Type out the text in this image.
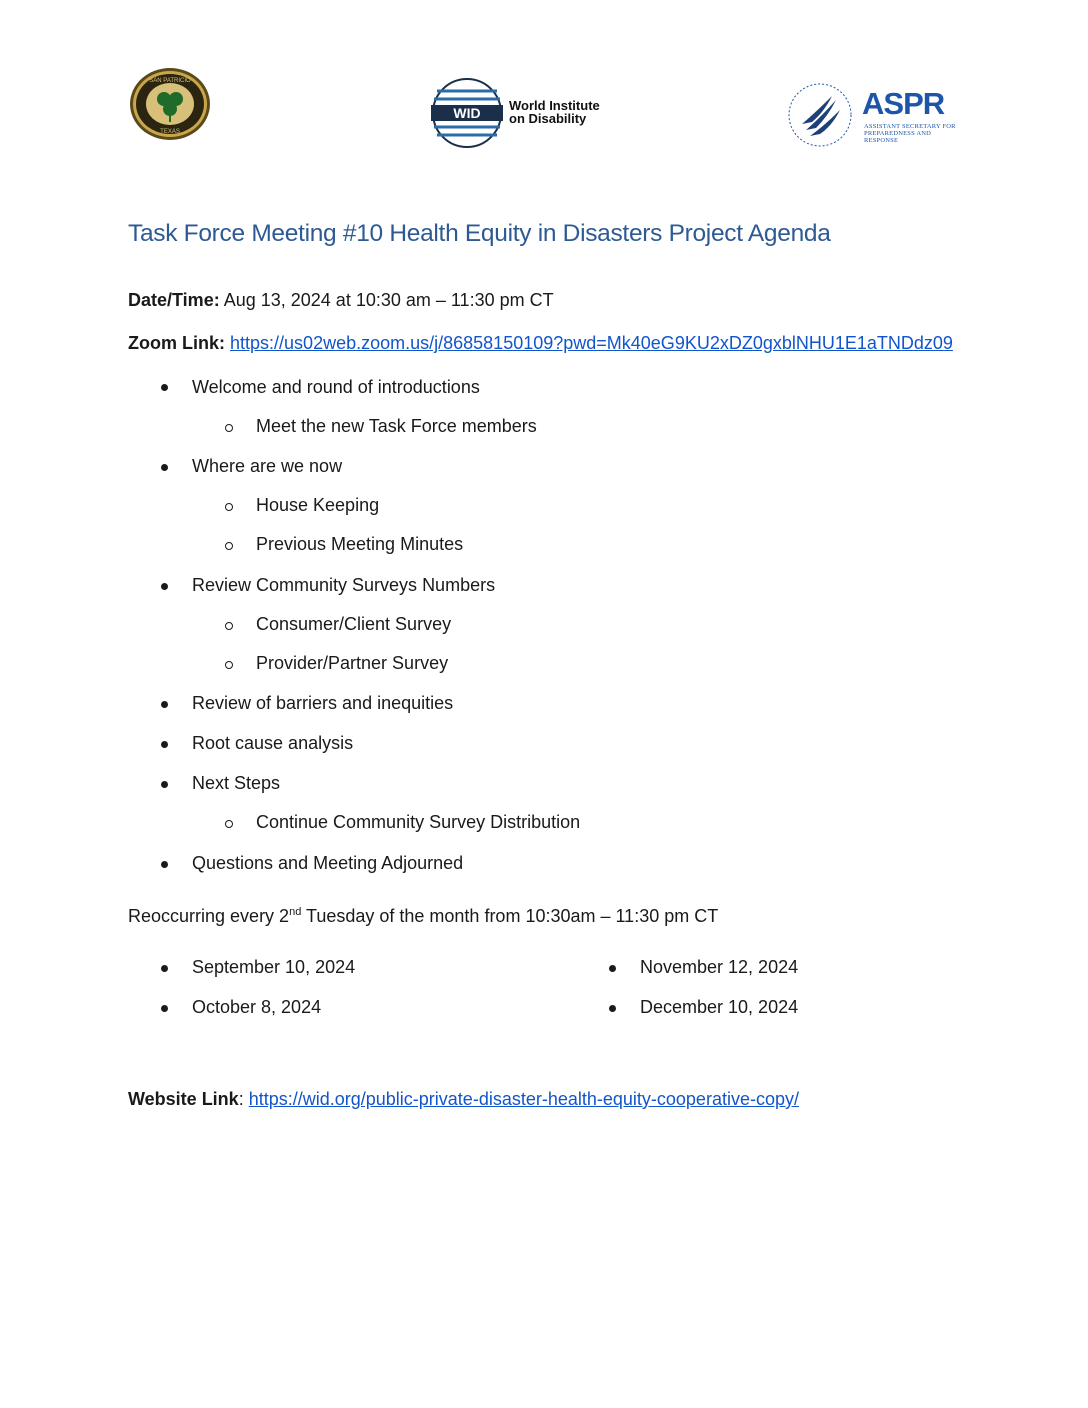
SAN PATRICIO
TEXAS
WID World Institute
on Disability	ASPR
ASSISTANT SECRETARY FOR PREPAREDNESS AND RESPONSE
Task Force Meeting #10 Health Equity in Disasters Project Agenda
Date/Time: Aug 13, 2024 at 10:30 am – 11:30 pm CT
Zoom Link: https://us02web.zoom.us/j/86858150109?pwd=Mk40eG9KU2xDZ0gxblNHU1E1aTNDdz09
Welcome and round of introductions
Meet the new Task Force members
Where are we now
House Keeping
Previous Meeting Minutes
Review Community Surveys Numbers
Consumer/Client Survey
Provider/Partner Survey
Review of barriers and inequities
Root cause analysis
Next Steps
Continue Community Survey Distribution
Questions and Meeting Adjourned
Reoccurring every 2nd Tuesday of the month from 10:30am – 11:30 pm CT
September 10, 2024
October 8, 2024
November 12, 2024
December 10, 2024
Website Link: https://wid.org/public-private-disaster-health-equity-cooperative-copy/
